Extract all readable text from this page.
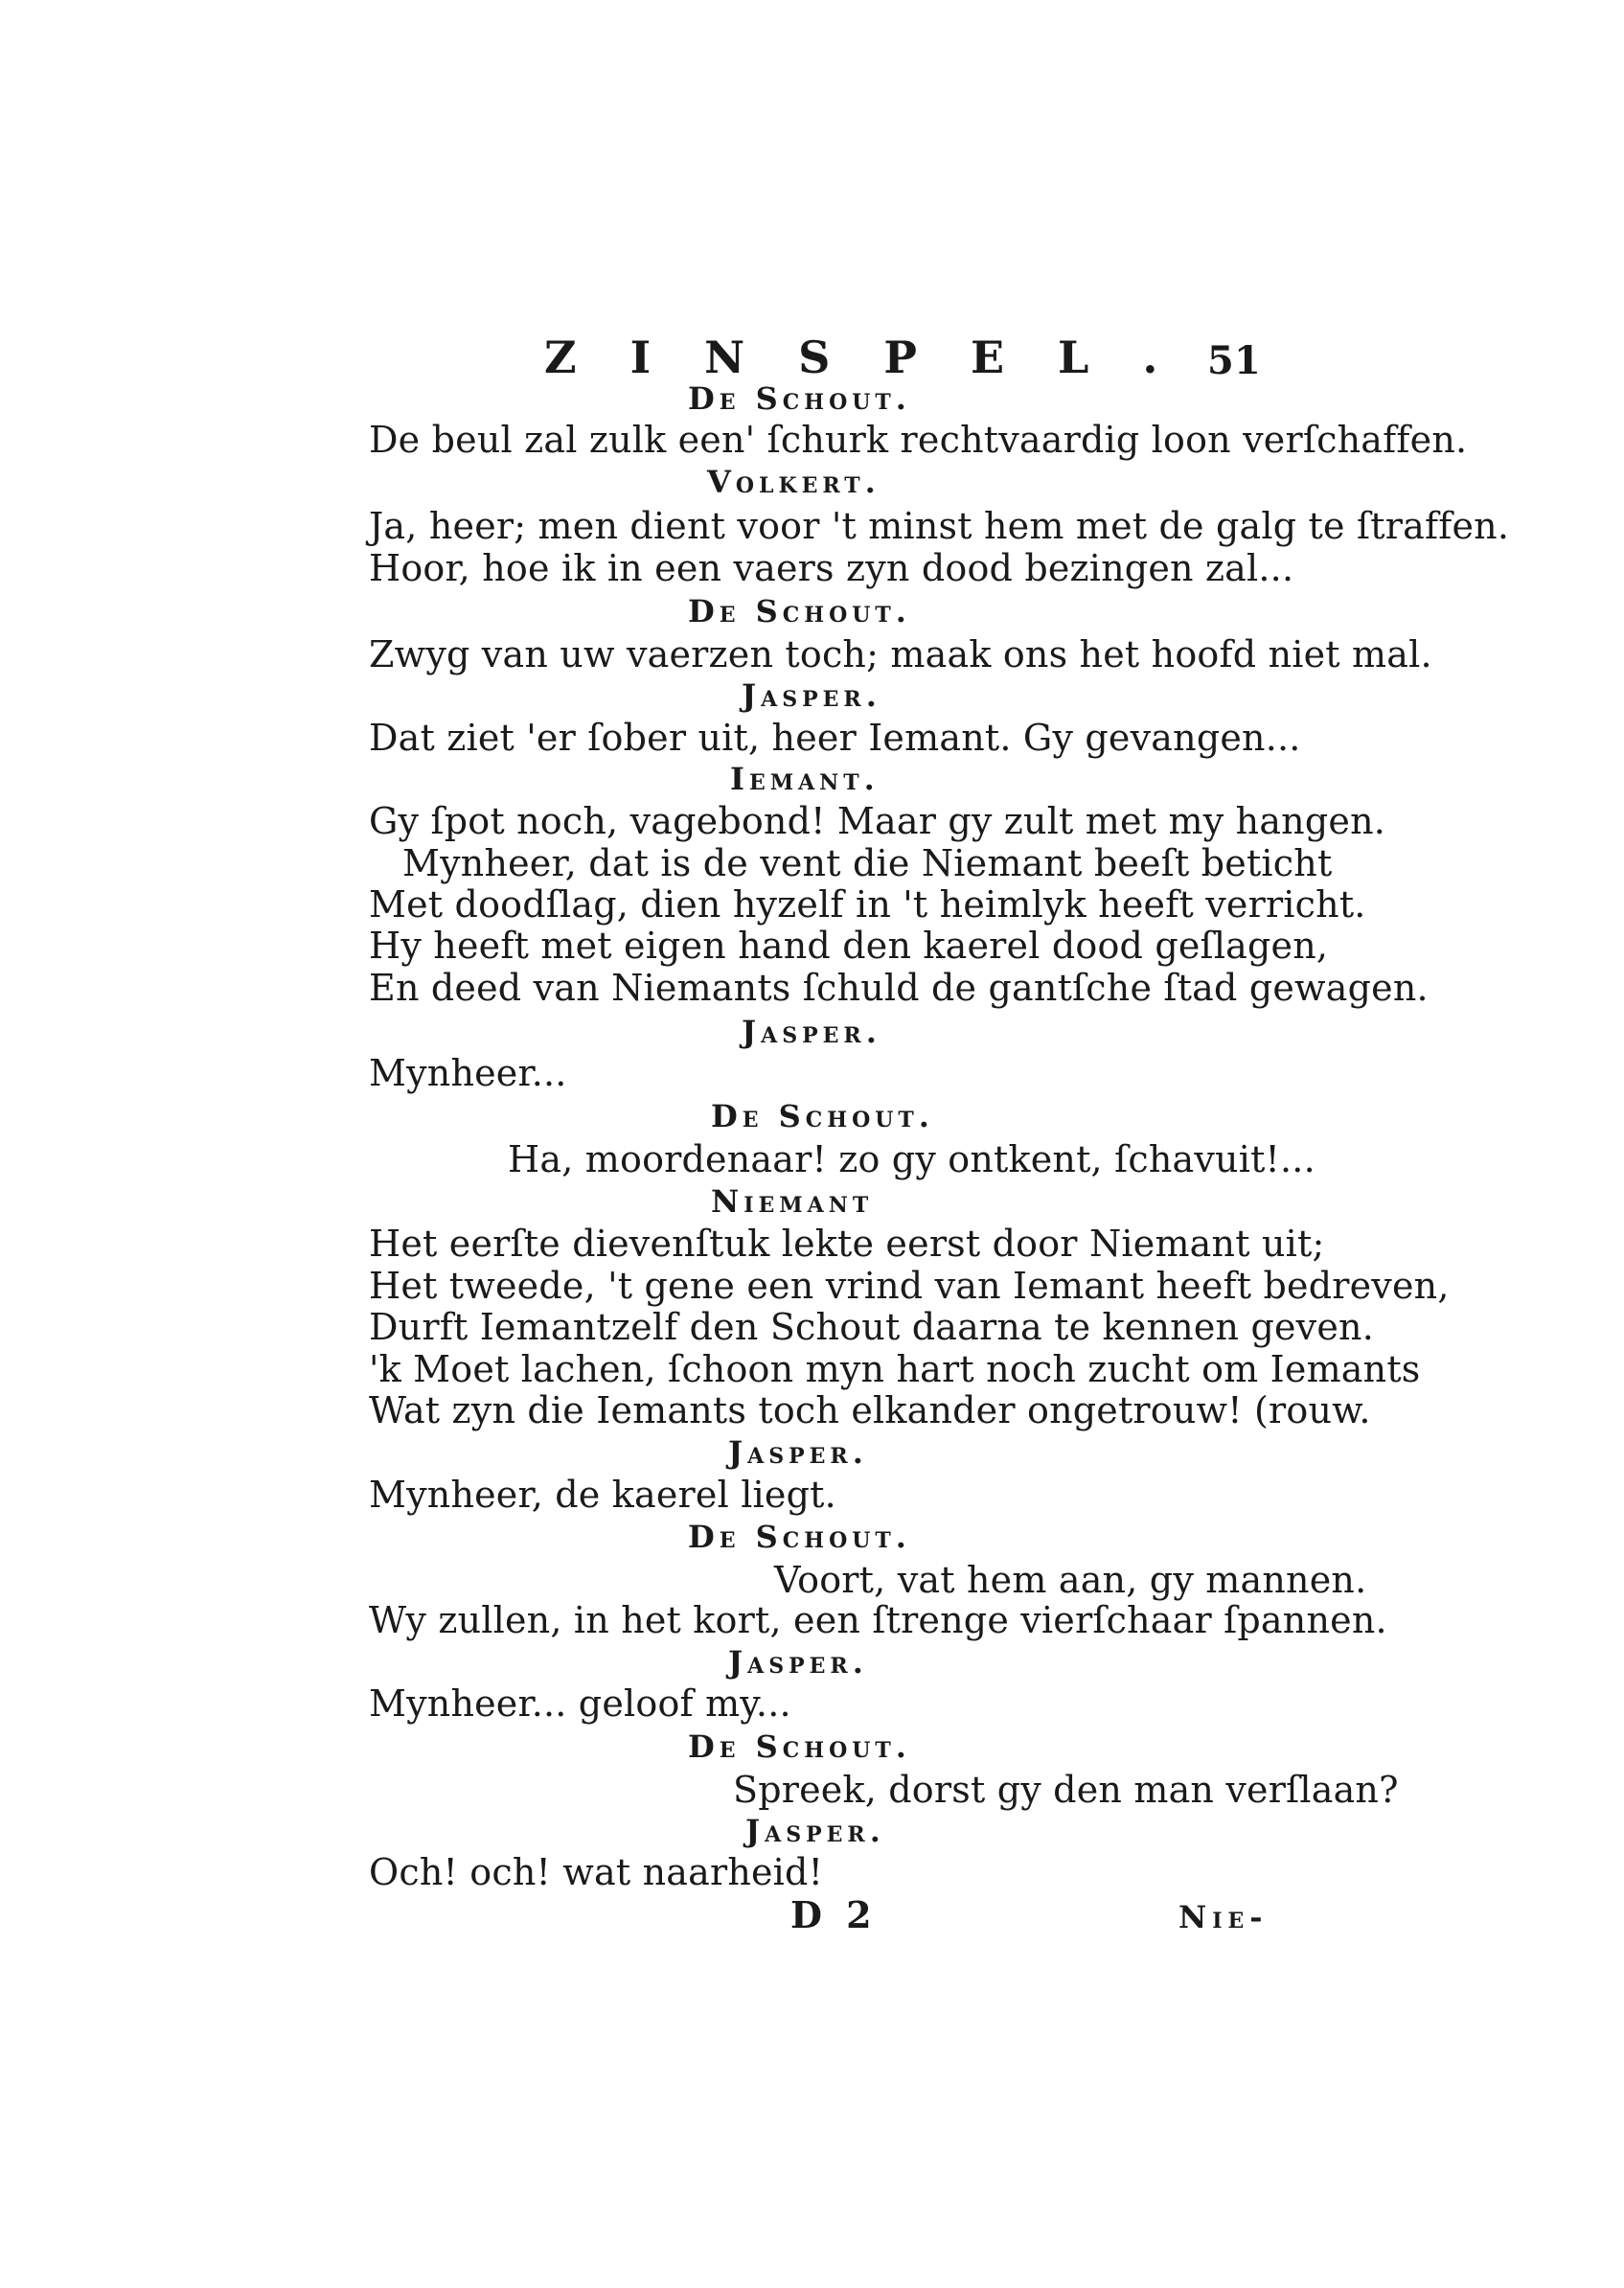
ZINSPEL.
51
De Schout.
De beul zal zulk een' ſchurk rechtvaardig loon verſchaffen.
Volkert.
Ja, heer; men dient voor 't minst hem met de galg te ſtraffen.
Hoor, hoe ik in een vaers zyn dood bezingen zal...
De Schout.
Zwyg van uw vaerzen toch; maak ons het hoofd niet mal.
Jasper.
Dat ziet 'er ſober uit, heer Iemant. Gy gevangen...
Iemant.
Gy ſpot noch, vagebond! Maar gy zult met my hangen.
Mynheer, dat is de vent die Niemant beeſt beticht
Met doodſlag, dien hyzelf in 't heimlyk heeft verricht.
Hy heeft met eigen hand den kaerel dood geſlagen,
En deed van Niemants ſchuld de gantſche ſtad gewagen.
Jasper.
Mynheer...
De Schout.
Ha, moordenaar! zo gy ontkent, ſchavuit!...
Niemant
Het eerſte dievenſtuk lekte eerst door Niemant uit;
Het tweede, 't gene een vrind van Iemant heeft bedreven,
Durft Iemantzelf den Schout daarna te kennen geven.
'k Moet lachen, ſchoon myn hart noch zucht om Iemants
Wat zyn die Iemants toch elkander ongetrouw! (rouw.
Jasper.
Mynheer, de kaerel liegt.
De Schout.
Voort, vat hem aan, gy mannen.
Wy zullen, in het kort, een ſtrenge vierſchaar ſpannen.
Jasper.
Mynheer... geloof my...
De Schout.
Spreek, dorst gy den man verſlaan?
Jasper.
Och! och! wat naarheid!
D 2	Nie-
